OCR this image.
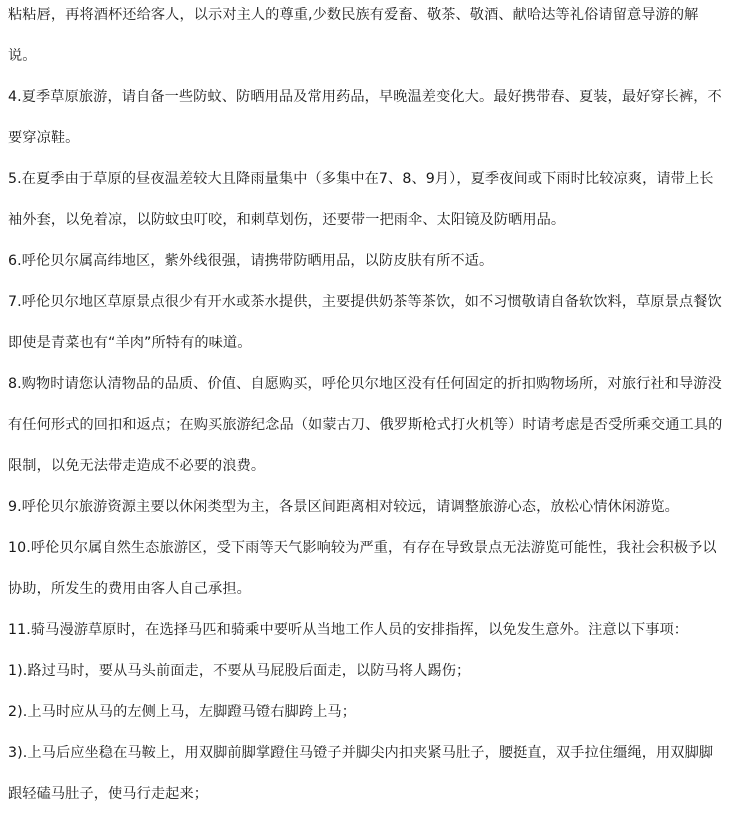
粘粘唇，再将酒杯还给客人，以示对主人的尊重,少数民族有爱畜、敬茶、敬酒、献哈达等礼俗请留意导游的解说。

4.夏季草原旅游，请自备一些防蚊、防晒用品及常用药品，早晚温差变化大。最好携带春、夏装，最好穿长裤，不要穿凉鞋。

5.在夏季由于草原的昼夜温差较大且降雨量集中（多集中在7、8、9月），夏季夜间或下雨时比较凉爽，请带上长袖外套，以免着凉，以防蚊虫叮咬，和刺草划伤，还要带一把雨伞、太阳镜及防晒用品。

6.呼伦贝尔属高纬地区，紫外线很强，请携带防晒用品，以防皮肤有所不适。

7.呼伦贝尔地区草原景点很少有开水或茶水提供，主要提供奶茶等茶饮，如不习惯敬请自备软饮料，草原景点餐饮即使是青菜也有“羊肉”所特有的味道。

8.购物时请您认清物品的品质、价值、自愿购买，呼伦贝尔地区没有任何固定的折扣购物场所，对旅行社和导游没有任何形式的回扣和返点；在购买旅游纪念品（如蒙古刀、俄罗斯枪式打火机等）时请考虑是否受所乘交通工具的限制，以免无法带走造成不必要的浪费。

9.呼伦贝尔旅游资源主要以休闲类型为主，各景区间距离相对较远，请调整旅游心态，放松心情休闲游览。

10.呼伦贝尔属自然生态旅游区，受下雨等天气影响较为严重，有存在导致景点无法游览可能性，我社会积极予以协助，所发生的费用由客人自己承担。

11.骑马漫游草原时，在选择马匹和骑乘中要听从当地工作人员的安排指挥，以免发生意外。注意以下事项：

1).路过马时，要从马头前面走，不要从马屁股后面走，以防马将人踢伤；

2).上马时应从马的左侧上马，左脚蹬马镫右脚跨上马；

3).上马后应坐稳在马鞍上，用双脚前脚掌蹬住马镫子并脚尖内扣夹紧马肚子，腰挺直，双手拉住缰绳，用双脚脚跟轻磕马肚子，使马行走起来；
